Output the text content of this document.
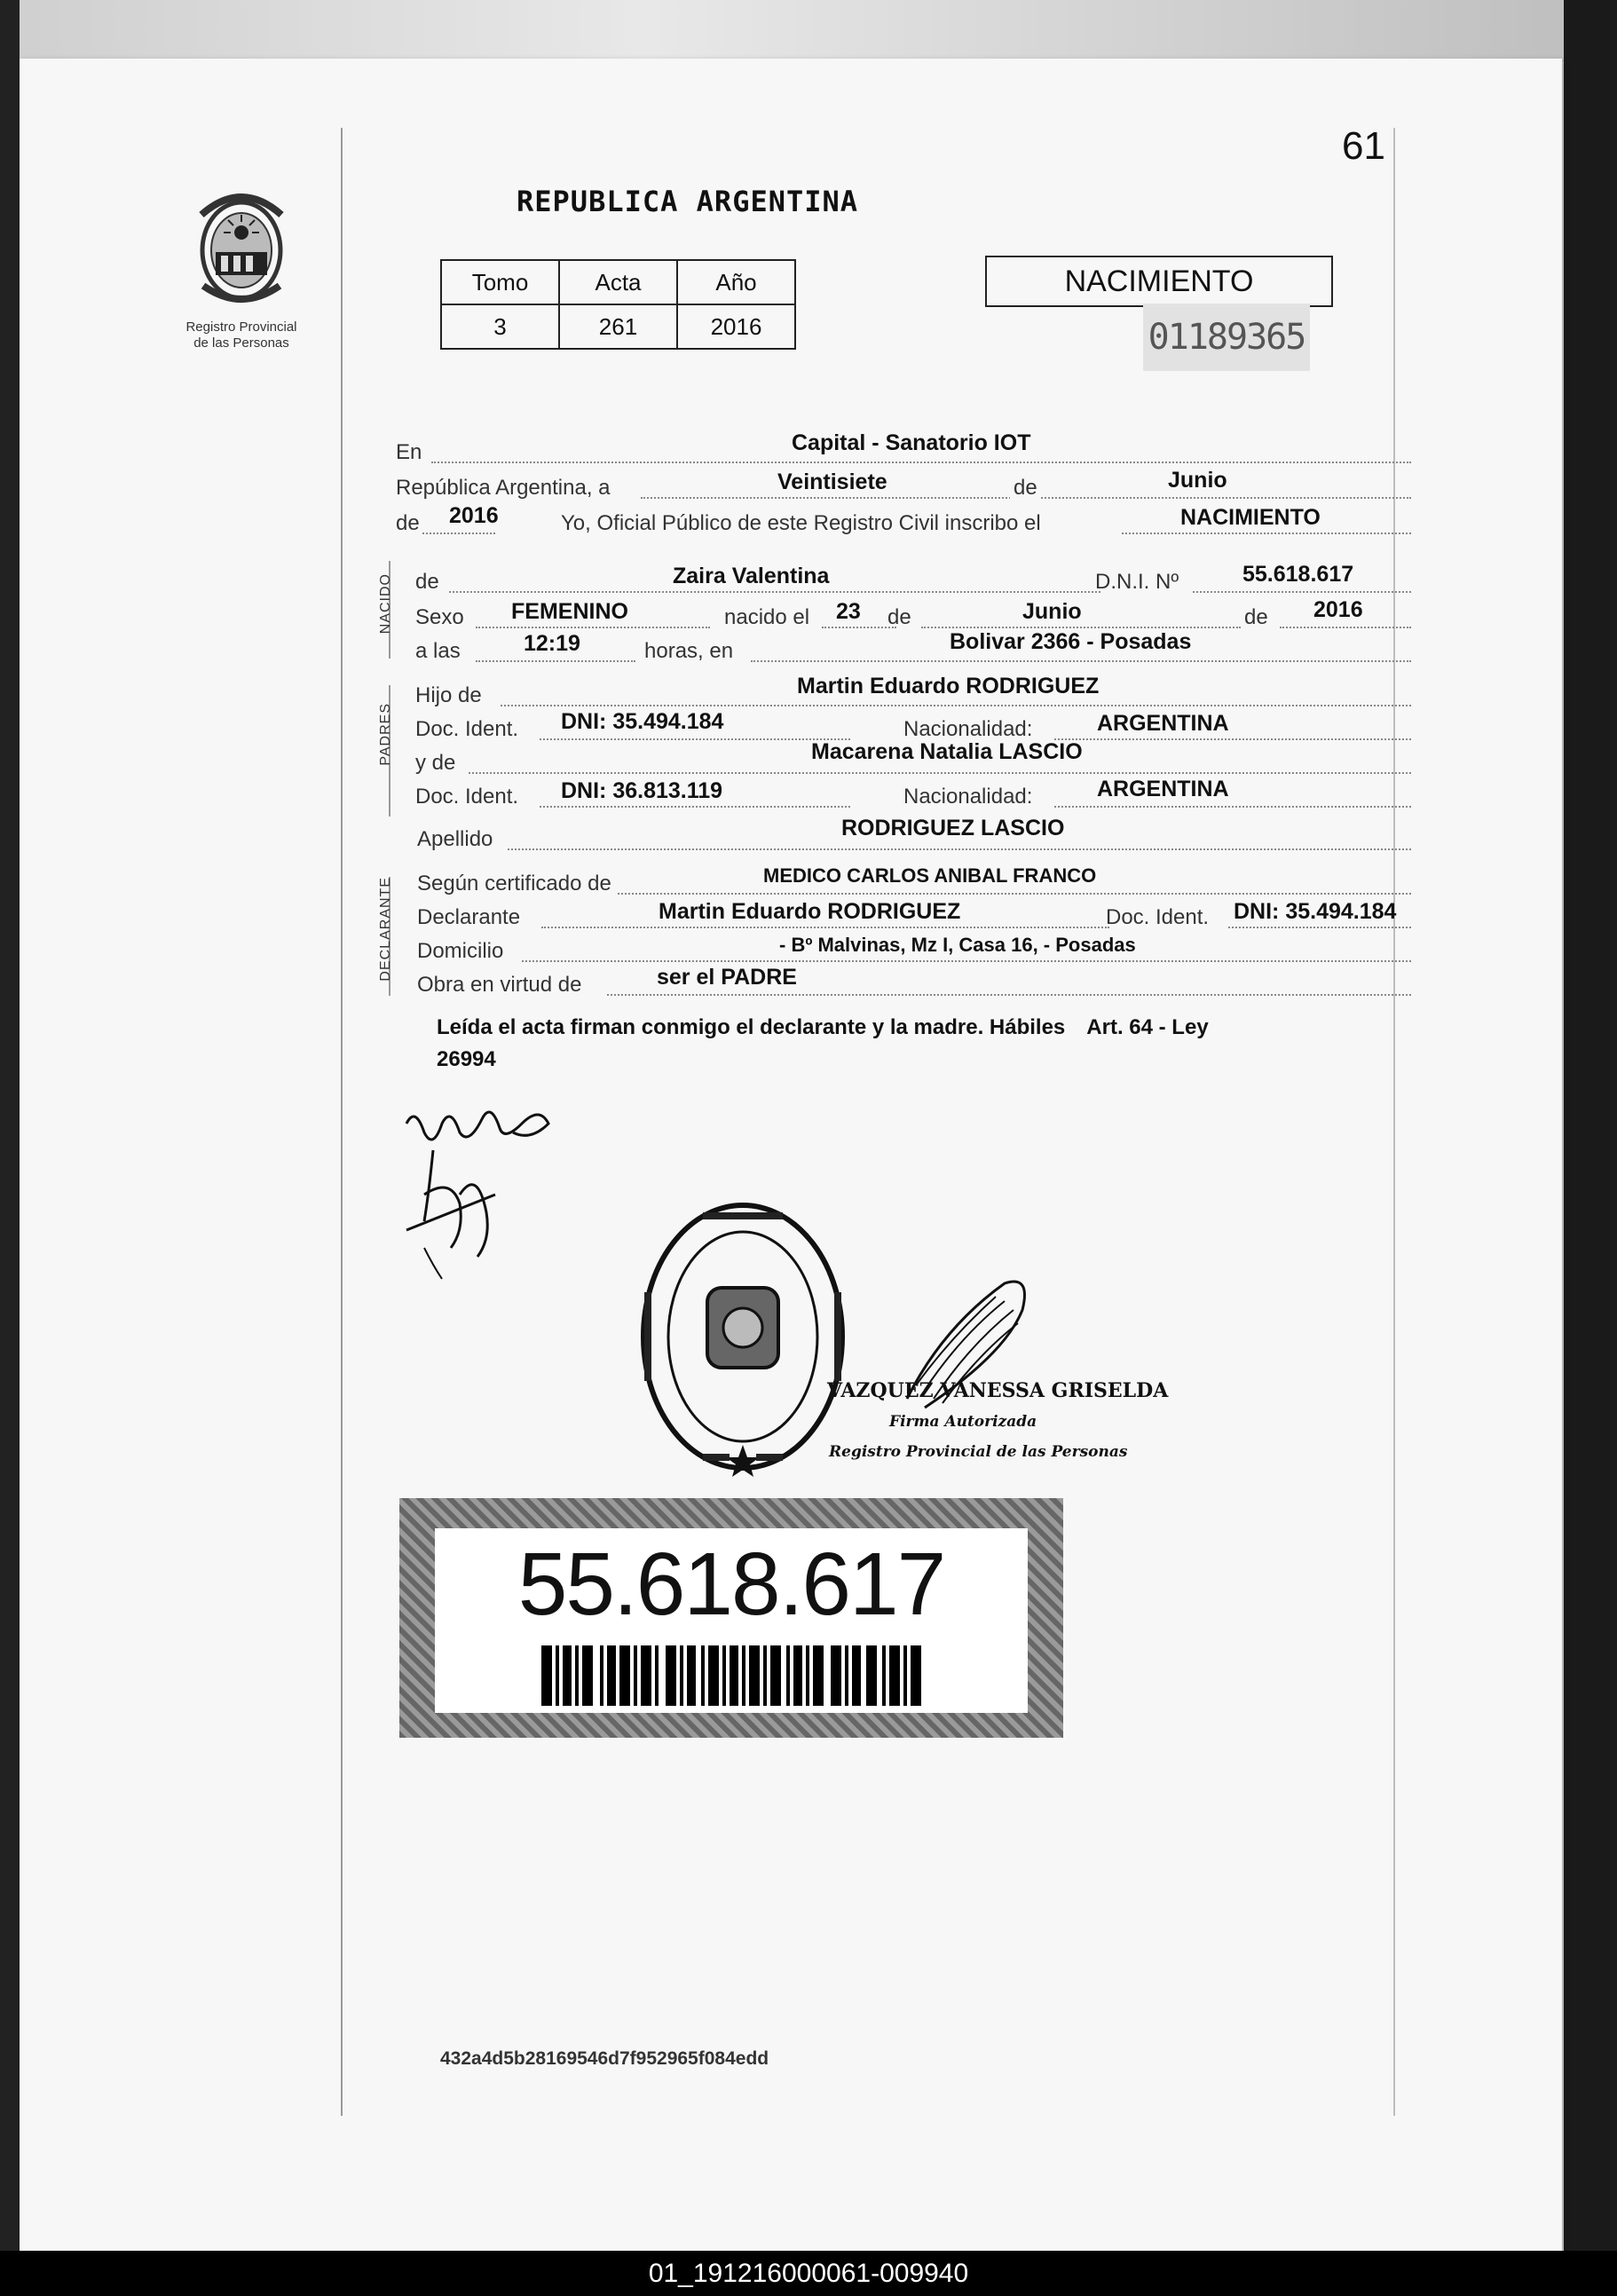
61
Registro Provincial
de las Personas
REPUBLICA ARGENTINA
Tomo	Acta	Año
3	261	2016
NACIMIENTO
01189365
En	Capital - Sanatorio IOT
República Argentina, a	Veintisiete	de	Junio
de 2016	Yo, Oficial Público de este Registro Civil inscribo el	NACIMIENTO
NACIDO de	Zaira Valentina	D.N.I. Nº	55.618.617
Sexo FEMENINO	nacido el 23 de	Junio	de 2016
a las	12:19	horas, en	Bolivar 2366 - Posadas
PADRES
Hijo de	Martin Eduardo RODRIGUEZ
Doc. Ident. DNI: 35.494.184	Nacionalidad:	ARGENTINA
y de	Macarena Natalia LASCIO
Doc. Ident. DNI: 36.813.119	Nacionalidad:	ARGENTINA
Apellido	RODRIGUEZ LASCIO
DECLARANTE Según certificado de	MEDICO CARLOS ANIBAL FRANCO
Declarante	Martin Eduardo RODRIGUEZ	Doc. Ident. DNI: 35.494.184
Domicilio	- Bº Malvinas, Mz I, Casa 16, - Posadas
Obra en virtud de	ser el PADRE
Leída el acta firman conmigo el declarante y la madre. Hábiles Art. 64 - Ley
26994
VAZQUEZ VANESSA GRISELDA
Firma Autorizada
Registro Provincial de las Personas
55.618.617
432a4d5b28169546d7f952965f084edd
01_191216000061-009940
